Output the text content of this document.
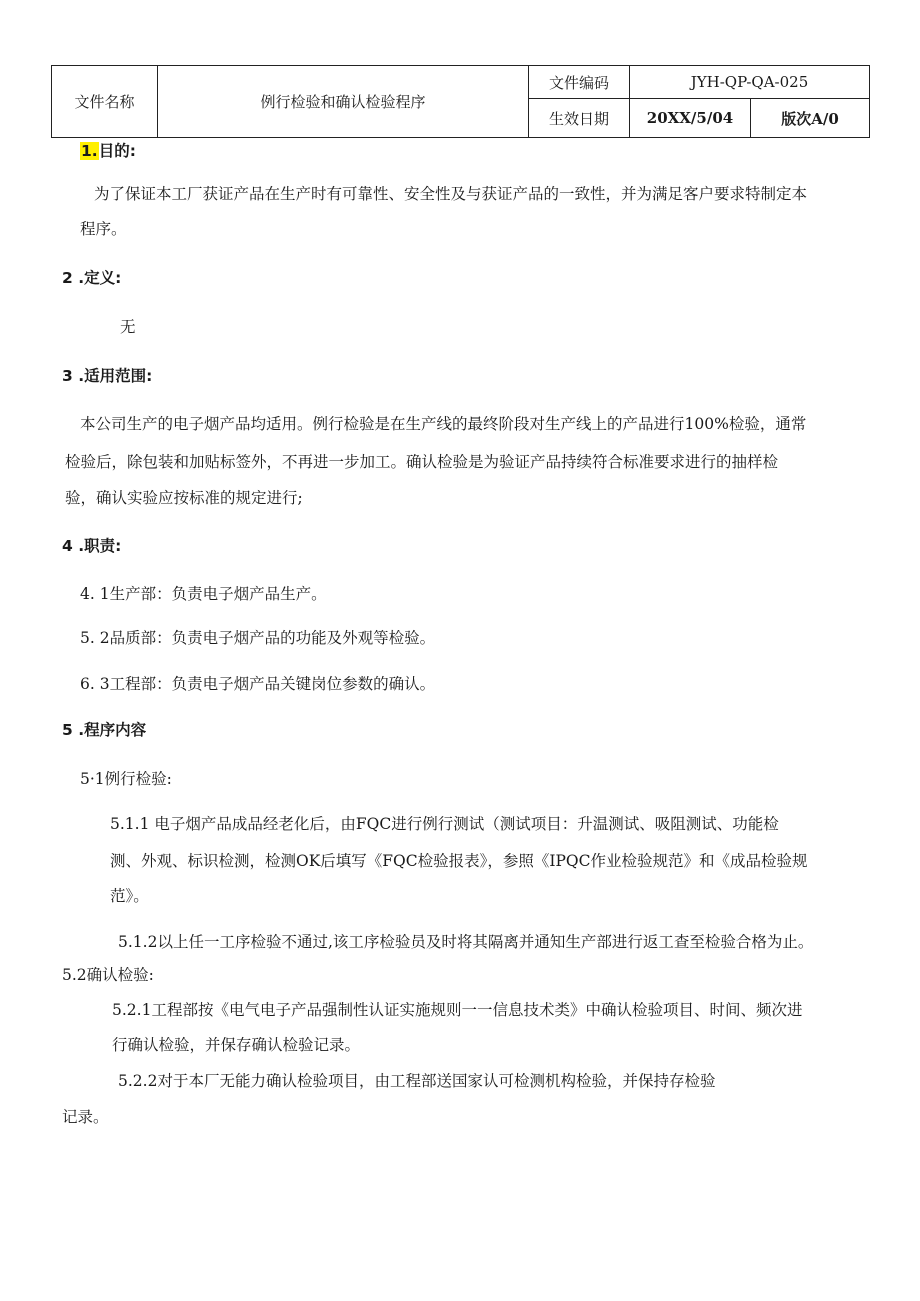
文件名称	例行检验和确认检验程序	文件编码	JYH-QP-QA-025	
		生效日期	20XX/5/04	版次A/0
1.目的:
为了保证本工厂获证产品在生产时有可靠性、安全性及与获证产品的一致性，并为满足客户要求特制定本
程序。
2 .定义:
无
3 .适用范围:
本公司生产的电子烟产品均适用。例行检验是在生产线的最终阶段对生产线上的产品进行100%检验，通常
检验后，除包装和加贴标签外，不再进一步加工。确认检验是为验证产品持续符合标准要求进行的抽样检
验，确认实验应按标准的规定进行;
4 .职责:
4. 1生产部：负责电子烟产品生产。
5. 2品质部：负责电子烟产品的功能及外观等检验。
6. 3工程部：负责电子烟产品关键岗位参数的确认。
5 .程序内容
5·1例行检验:
5.1.1 电子烟产品成品经老化后，由FQC进行例行测试（测试项目：升温测试、吸阻测试、功能检
测、外观、标识检测，检测OK后填写《FQC检验报表》，参照《IPQC作业检验规范》和《成品检验规
范》。
5.1.2以上任一工序检验不通过,该工序检验员及时将其隔离并通知生产部进行返工查至检验合格为止。
5.2确认检验:
5.2.1工程部按《电气电子产品强制性认证实施规则一一信息技术类》中确认检验项目、时间、频次进
行确认检验，并保存确认检验记录。
5.2.2对于本厂无能力确认检验项目，由工程部送国家认可检测机构检验，并保持存检验
记录。
